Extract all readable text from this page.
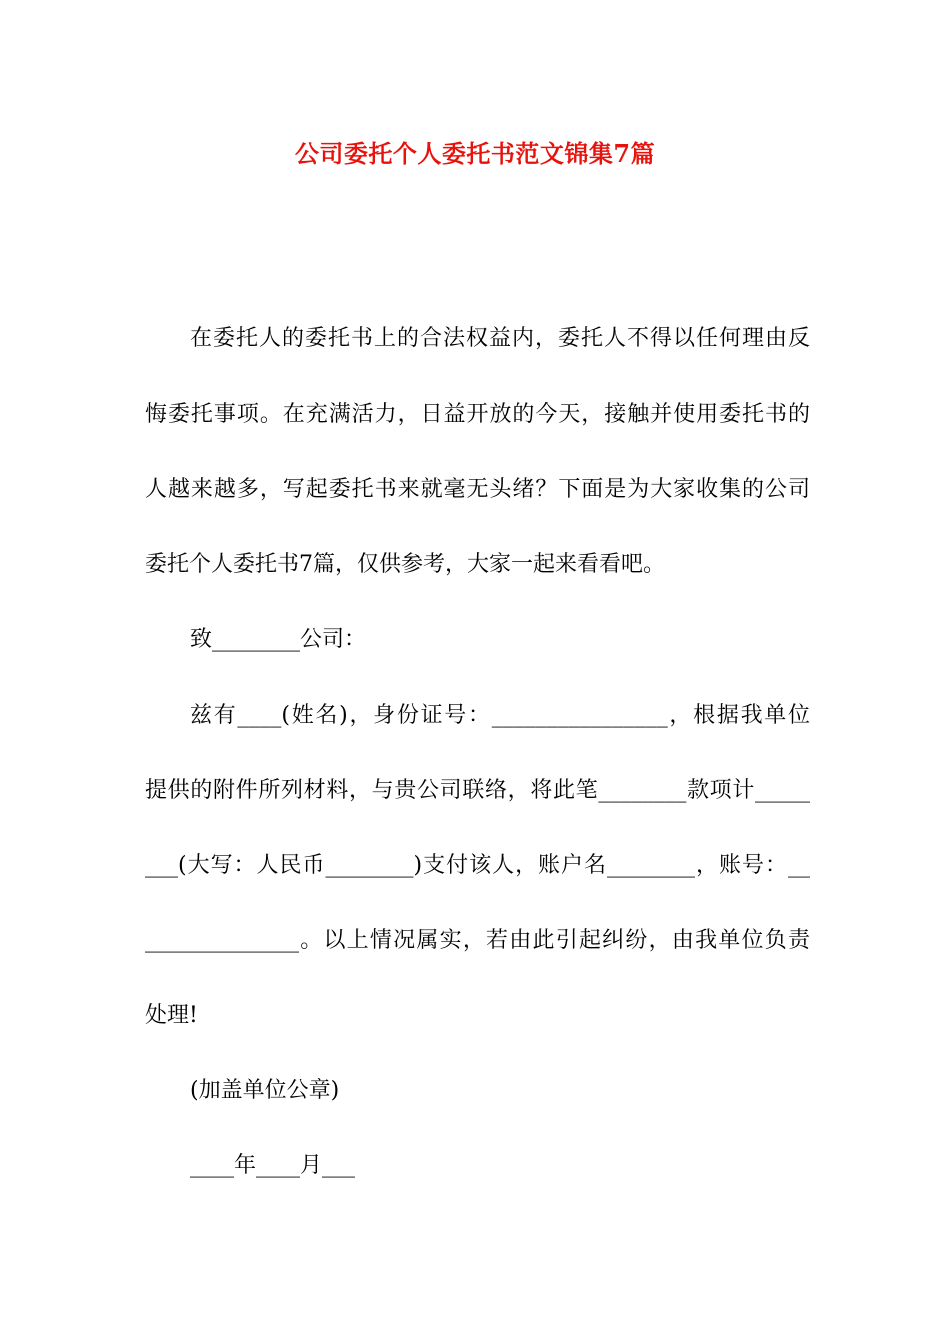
公司委托个人委托书范文锦集7篇
在委托人的委托书上的合法权益内，委托人不得以任何理由反
悔委托事项。在充满活力，日益开放的今天，接触并使用委托书的
人越来越多，写起委托书来就毫无头绪？下面是为大家收集的公司
委托个人委托书7篇，仅供参考，大家一起来看看吧。
致________公司：
兹有____(姓名)，身份证号：________________，根据我单位
提供的附件所列材料，与贵公司联络，将此笔________款项计_____
___(大写：人民币________)支付该人，账户名________，账号：__
______________。以上情况属实，若由此引起纠纷，由我单位负责
处理!
(加盖单位公章)
____年____月___
